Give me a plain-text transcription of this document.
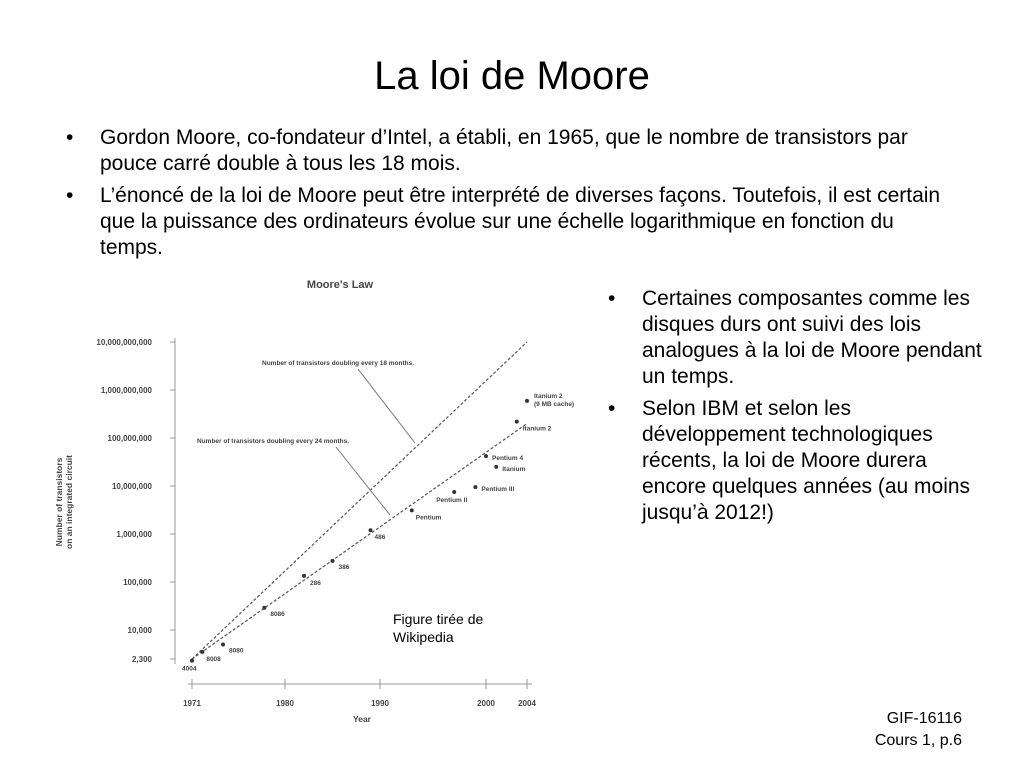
La loi de Moore
• Gordon Moore, co-fondateur d’Intel, a établi, en 1965, que le nombre de transistors par pouce carré double à tous les 18 mois.
• L’énoncé de la loi de Moore peut être interprété de diverses façons. Toutefois, il est certain que la puissance des ordinateurs évolue sur une échelle logarithmique en fonction du temps.
Moore's Law
2,300
10,000
100,000
1,000,000
10,000,000
100,000,000
1,000,000,000
10,000,000,000
Number of transistors on an integrated circuit
1971	1980	1990	2000	2004
Year
Number of transistors doubling every 18 months.
Number of transistors doubling every 24 months.
4004
8008
8080
8086
286
386
486
Pentium
Pentium II
Pentium III
Pentium 4
Itanium
Itanium 2
Itanium 2
(9 MB cache)
• Certaines composantes comme les disques durs ont suivi des lois analogues à la loi de Moore pendant un temps.
• Selon IBM et selon les développement technologiques récents, la loi de Moore durera encore quelques années (au moins jusqu’à 2012!)
Figure tirée de Wikipedia
GIF-16116
Cours 1, p.6
